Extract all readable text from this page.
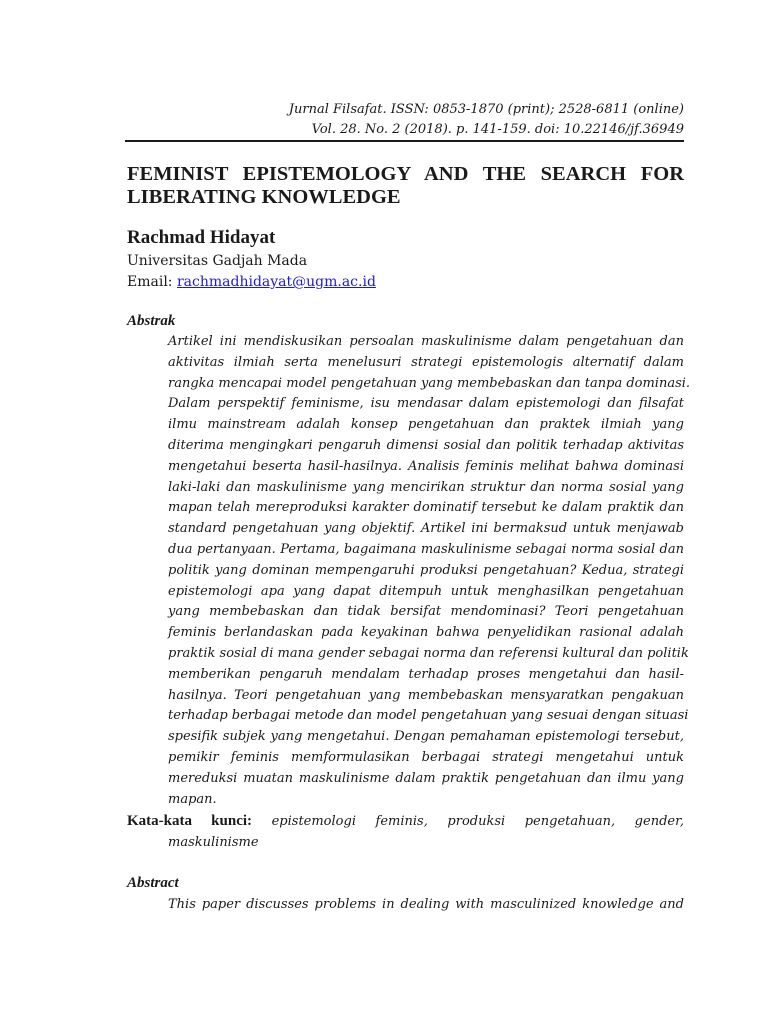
Jurnal Filsafat. ISSN: 0853-1870 (print); 2528-6811 (online)
Vol. 28. No. 2 (2018). p. 141-159. doi: 10.22146/jf.36949
FEMINIST EPISTEMOLOGY AND THE SEARCH FOR
LIBERATING KNOWLEDGE
Rachmad Hidayat
Universitas Gadjah Mada
Email: rachmadhidayat@ugm.ac.id
Abstrak
Artikel ini mendiskusikan persoalan maskulinisme dalam pengetahuan dan
aktivitas ilmiah serta menelusuri strategi epistemologis alternatif dalam
rangka mencapai model pengetahuan yang membebaskan dan tanpa dominasi.
Dalam perspektif feminisme, isu mendasar dalam epistemologi dan filsafat
ilmu mainstream adalah konsep pengetahuan dan praktek ilmiah yang
diterima mengingkari pengaruh dimensi sosial dan politik terhadap aktivitas
mengetahui beserta hasil-hasilnya. Analisis feminis melihat bahwa dominasi
laki-laki dan maskulinisme yang mencirikan struktur dan norma sosial yang
mapan telah mereproduksi karakter dominatif tersebut ke dalam praktik dan
standard pengetahuan yang objektif. Artikel ini bermaksud untuk menjawab
dua pertanyaan. Pertama, bagaimana maskulinisme sebagai norma sosial dan
politik yang dominan mempengaruhi produksi pengetahuan? Kedua, strategi
epistemologi apa yang dapat ditempuh untuk menghasilkan pengetahuan
yang membebaskan dan tidak bersifat mendominasi? Teori pengetahuan
feminis berlandaskan pada keyakinan bahwa penyelidikan rasional adalah
praktik sosial di mana gender sebagai norma dan referensi kultural dan politik
memberikan pengaruh mendalam terhadap proses mengetahui dan hasil-
hasilnya. Teori pengetahuan yang membebaskan mensyaratkan pengakuan
terhadap berbagai metode dan model pengetahuan yang sesuai dengan situasi
spesifik subjek yang mengetahui. Dengan pemahaman epistemologi tersebut,
pemikir feminis memformulasikan berbagai strategi mengetahui untuk
mereduksi muatan maskulinisme dalam praktik pengetahuan dan ilmu yang
mapan.
Kata-kata kunci: epistemologi feminis, produksi pengetahuan, gender,
maskulinisme
Abstract
This paper discusses problems in dealing with masculinized knowledge and
